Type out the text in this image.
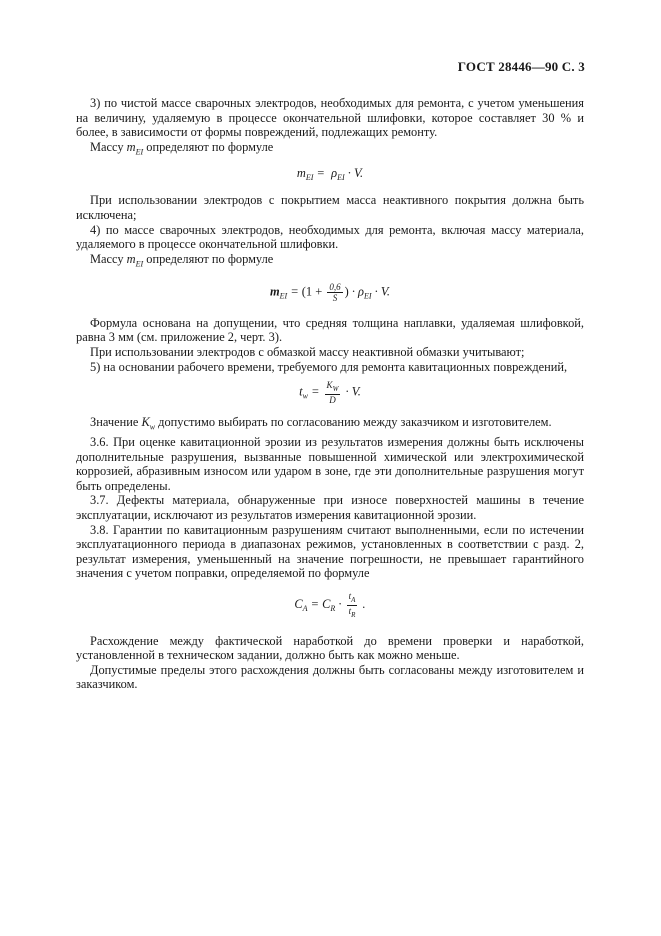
ГОСТ 28446—90 С. 3

3) по чистой массе сварочных электродов, необходимых для ремонта, с учетом уменьшения на величину, удаляемую в процессе окончательной шлифовки, которое составляет 30 % и более, в зависимости от формы повреждений, подлежащих ремонту.

Массу $m_{EI}$ определяют по формуле

$m_{EI} = \rho_{EI} \cdot V$.

При использовании электродов с покрытием масса неактивного покрытия должна быть исключена;

4) по массе сварочных электродов, необходимых для ремонта, включая массу материала, удаляемого в процессе окончательной шлифовки.

Массу $m_{EI}$ определяют по формуле

$m_{EI} = (1 + \frac{0,6}{S}$ ) · $\rho_{EI} \cdot V$.

Формула основана на допущении, что средняя толщина наплавки, удаляемая шлифовкой, равна 3 мм (см. приложение 2, черт. 3).

При использовании электродов с обмазкой массу неактивной обмазки учитывают;

5) на основании рабочего времени, требуемого для ремонта кавитационных повреждений,

$t_w = \frac{K_W}{D} \cdot V$.

Значение $K_w$ допустимо выбирать по согласованию между заказчиком и изготовителем.

3.6. При оценке кавитационной эрозии из результатов измерения должны быть исключены дополнительные разрушения, вызванные повышенной химической или электрохимической коррозией, абразивным износом или ударом в зоне, где эти дополнительные разрушения могут быть определены.

3.7. Дефекты материала, обнаруженные при износе поверхностей машины в течение эксплуатации, исключают из результатов измерения кавитационной эрозии.

3.8. Гарантии по кавитационным разрушениям считают выполненными, если по истечении эксплуатационного периода в диапазонах режимов, установленных в соответствии с разд. 2, результат измерения, уменьшенный на значение погрешности, не превышает гарантийного значения с учетом поправки, определяемой по формуле

$C_A = C_R \cdot \frac{t_A}{t_R}$ .

Расхождение между фактической наработкой до времени проверки и наработкой, установленной в техническом задании, должно быть как можно меньше.

Допустимые пределы этого расхождения должны быть согласованы между изготовителем и заказчиком.
